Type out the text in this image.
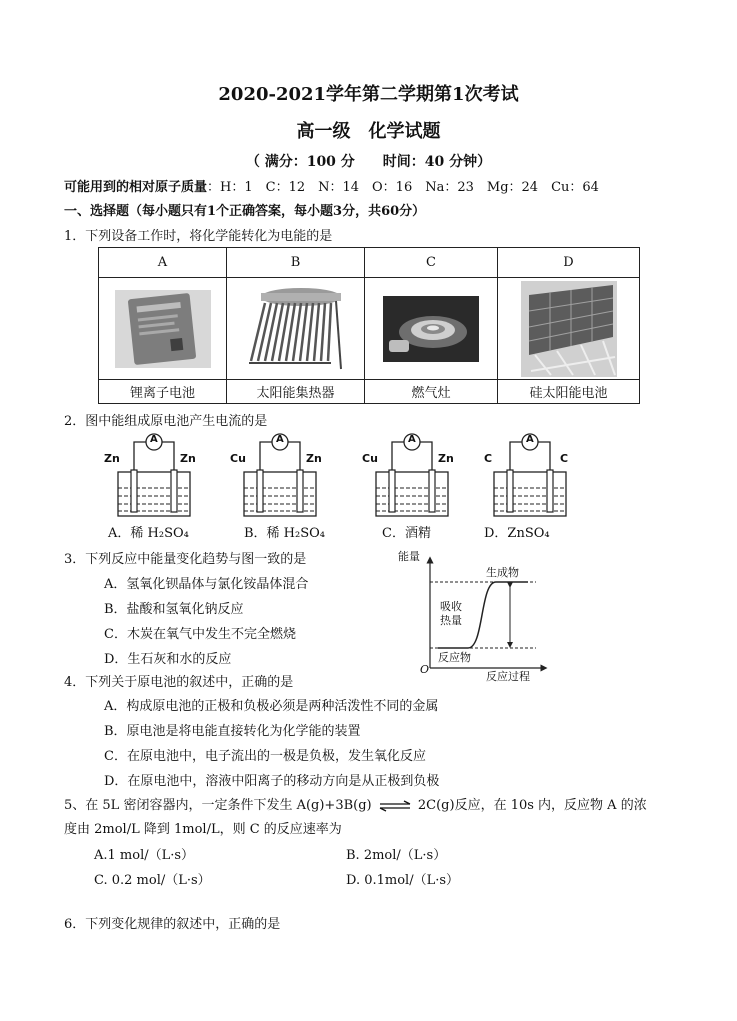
2020-2021学年第二学期第1次考试
高一级　化学试题
（ 满分：100 分　　时间：40 分钟）
可能用到的相对原子质量：H：1　C：12　N：14　O：16　Na：23　Mg：24　Cu：64
一、选择题（每小题只有1个正确答案，每小题3分，共60分）
1．下列设备工作时，将化学能转化为电能的是
A	B	C	D

锂离子电池	太阳能集热器	燃气灶	硅太阳能电池
2．图中能组成原电池产生电流的是
A
Zn	Zn
A．稀 H₂SO₄
A
Cu	Zn
B．稀 H₂SO₄
A
Cu	Zn
C．酒精
A
C	C
D．ZnSO₄
3．下列反应中能量变化趋势与图一致的是
A．氢氧化钡晶体与氯化铵晶体混合
B．盐酸和氢氧化钠反应
C．木炭在氧气中发生不完全燃烧
D．生石灰和水的反应
能量
生成物
吸收
热量
反应物
O
反应过程
4．下列关于原电池的叙述中，正确的是
A．构成原电池的正极和负极必须是两种活泼性不同的金属
B．原电池是将电能直接转化为化学能的装置
C．在原电池中，电子流出的一极是负极，发生氧化反应
D．在原电池中，溶液中阳离子的移动方向是从正极到负极
5、在 5L 密闭容器内，一定条件下发生 A(g)+3B(g) ⇌ 2C(g)反应，在 10s 内，反应物 A 的浓
度由 2mol/L 降到 1mol/L，则 C 的反应速率为
A.1 mol/（L·s）	B. 2mol/（L·s）
C. 0.2 mol/（L·s）	D. 0.1mol/（L·s）
6．下列变化规律的叙述中，正确的是
